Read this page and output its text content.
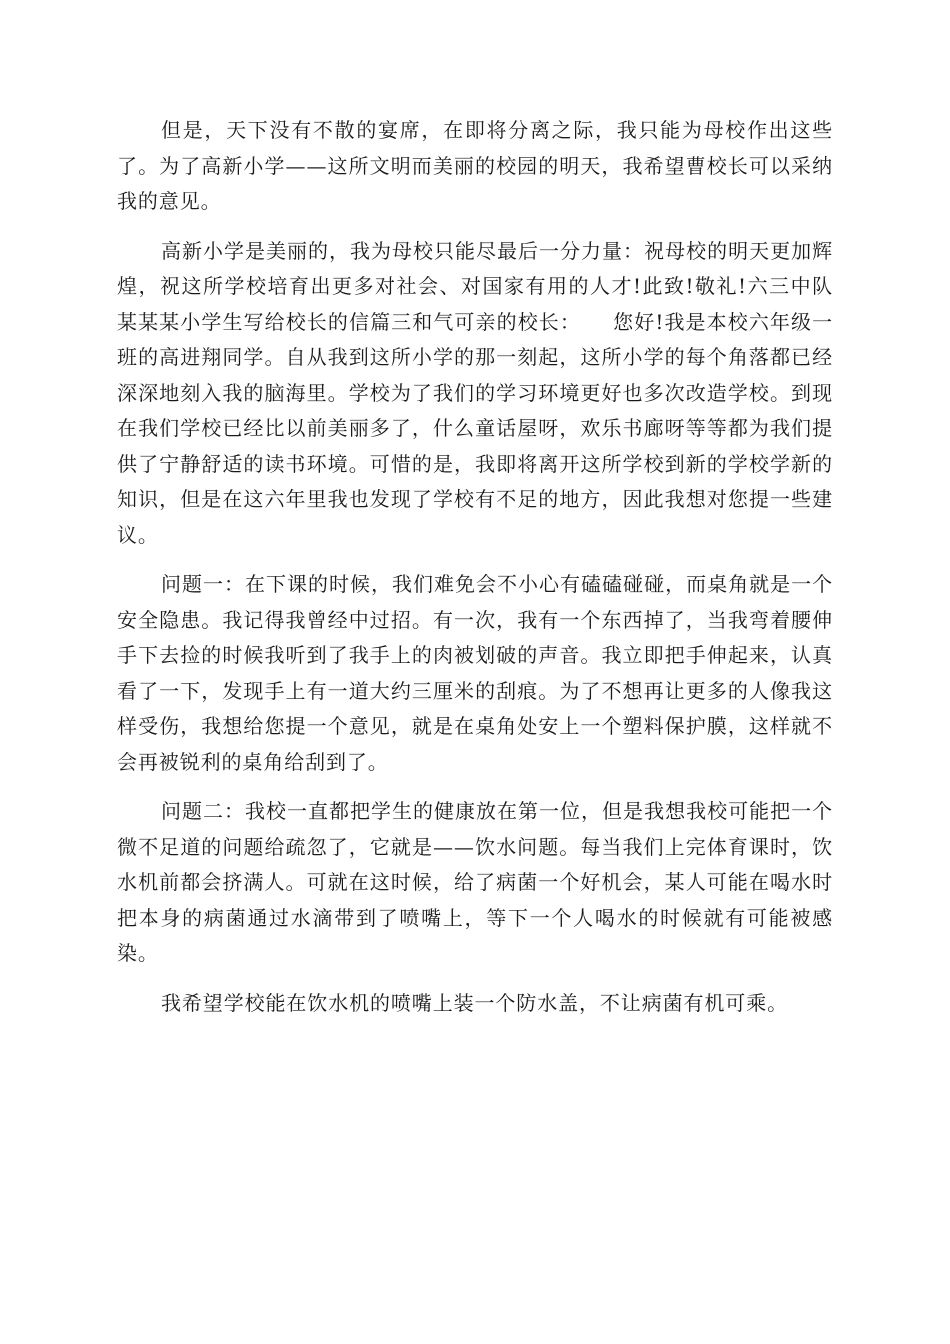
但是，天下没有不散的宴席，在即将分离之际，我只能为母校作出这些了。为了高新小学——这所文明而美丽的校园的明天，我希望曹校长可以采纳我的意见。

高新小学是美丽的，我为母校只能尽最后一分力量：祝母校的明天更加辉煌，祝这所学校培育出更多对社会、对国家有用的人才!此致!敬礼!六三中队某某某小学生写给校长的信篇三和气可亲的校长：　　您好!我是本校六年级一班的高进翔同学。自从我到这所小学的那一刻起，这所小学的每个角落都已经深深地刻入我的脑海里。学校为了我们的学习环境更好也多次改造学校。到现在我们学校已经比以前美丽多了，什么童话屋呀，欢乐书廊呀等等都为我们提供了宁静舒适的读书环境。可惜的是，我即将离开这所学校到新的学校学新的知识，但是在这六年里我也发现了学校有不足的地方，因此我想对您提一些建议。

问题一：在下课的时候，我们难免会不小心有磕磕碰碰，而桌角就是一个安全隐患。我记得我曾经中过招。有一次，我有一个东西掉了，当我弯着腰伸手下去捡的时候我听到了我手上的肉被划破的声音。我立即把手伸起来，认真看了一下，发现手上有一道大约三厘米的刮痕。为了不想再让更多的人像我这样受伤，我想给您提一个意见，就是在桌角处安上一个塑料保护膜，这样就不会再被锐利的桌角给刮到了。

问题二：我校一直都把学生的健康放在第一位，但是我想我校可能把一个微不足道的问题给疏忽了，它就是——饮水问题。每当我们上完体育课时，饮水机前都会挤满人。可就在这时候，给了病菌一个好机会，某人可能在喝水时把本身的病菌通过水滴带到了喷嘴上，等下一个人喝水的时候就有可能被感染。

我希望学校能在饮水机的喷嘴上装一个防水盖，不让病菌有机可乘。
